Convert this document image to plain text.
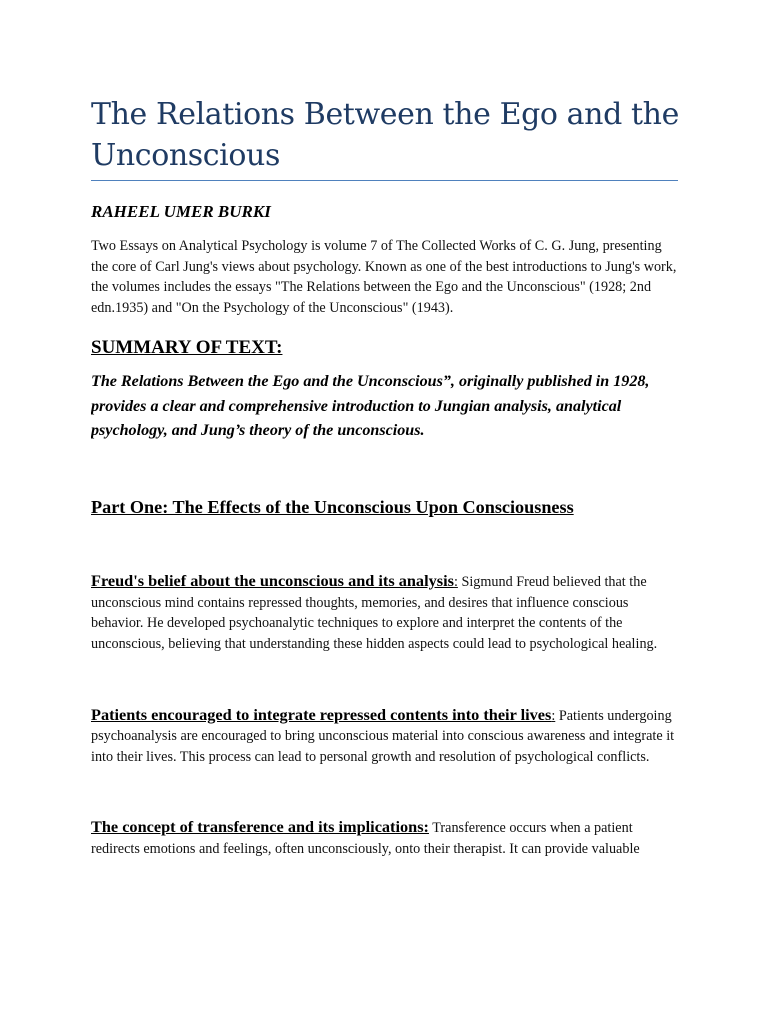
The Relations Between the Ego and the Unconscious

RAHEEL UMER BURKI

Two Essays on Analytical Psychology is volume 7 of The Collected Works of C. G. Jung, presenting the core of Carl Jung's views about psychology. Known as one of the best introductions to Jung's work, the volumes includes the essays "The Relations between the Ego and the Unconscious" (1928; 2nd edn.1935) and "On the Psychology of the Unconscious" (1943).

SUMMARY OF TEXT:

The Relations Between the Ego and the Unconscious”, originally published in 1928, provides a clear and comprehensive introduction to Jungian analysis, analytical psychology, and Jung’s theory of the unconscious.

Part One: The Effects of the Unconscious Upon Consciousness

Freud's belief about the unconscious and its analysis: Sigmund Freud believed that the unconscious mind contains repressed thoughts, memories, and desires that influence conscious behavior. He developed psychoanalytic techniques to explore and interpret the contents of the unconscious, believing that understanding these hidden aspects could lead to psychological healing.

Patients encouraged to integrate repressed contents into their lives: Patients undergoing psychoanalysis are encouraged to bring unconscious material into conscious awareness and integrate it into their lives. This process can lead to personal growth and resolution of psychological conflicts.

The concept of transference and its implications: Transference occurs when a patient redirects emotions and feelings, often unconsciously, onto their therapist. It can provide valuable
